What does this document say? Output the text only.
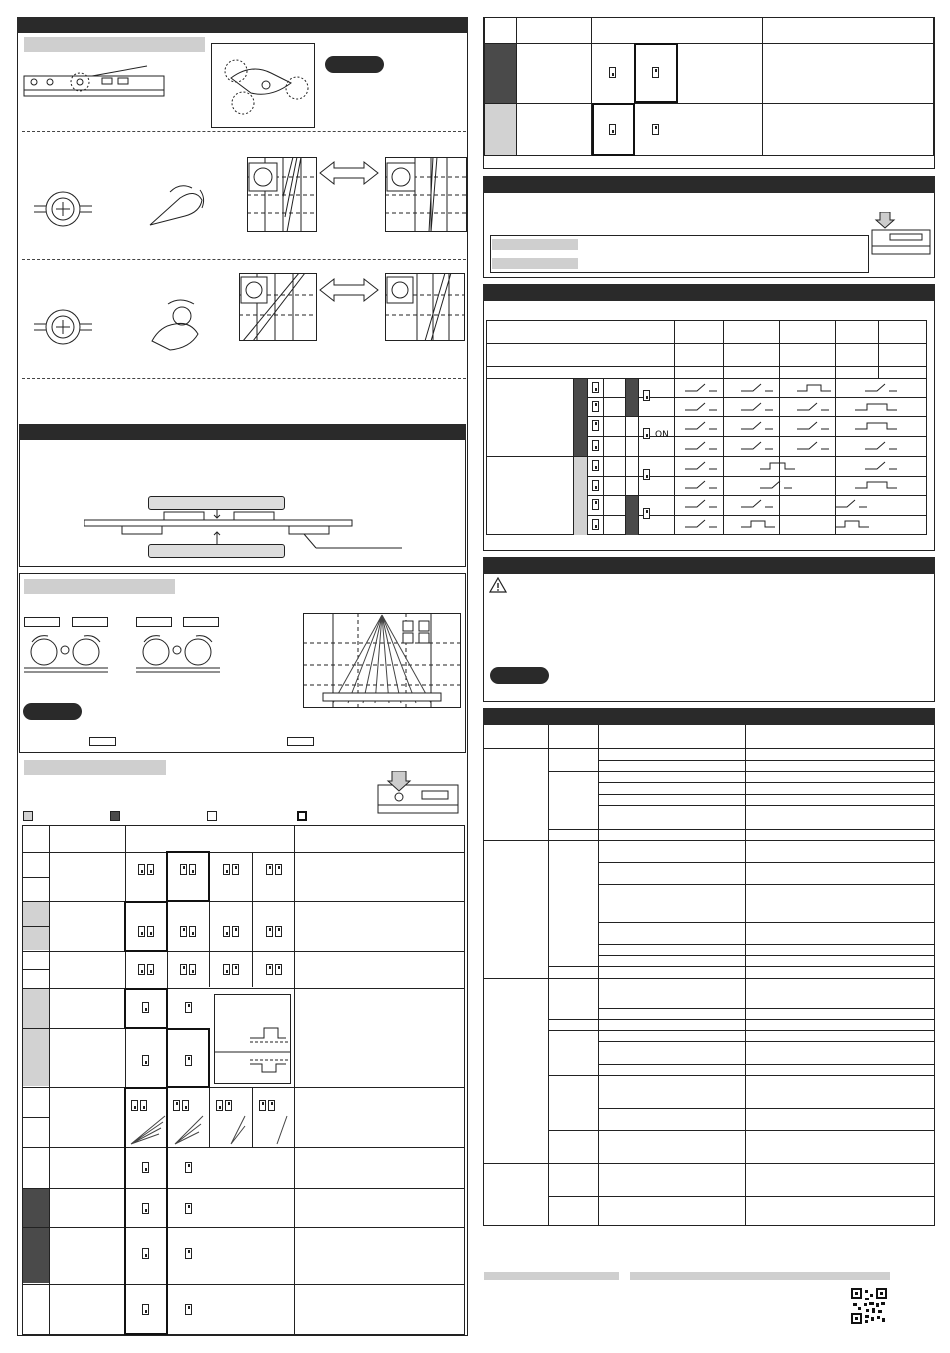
ON
